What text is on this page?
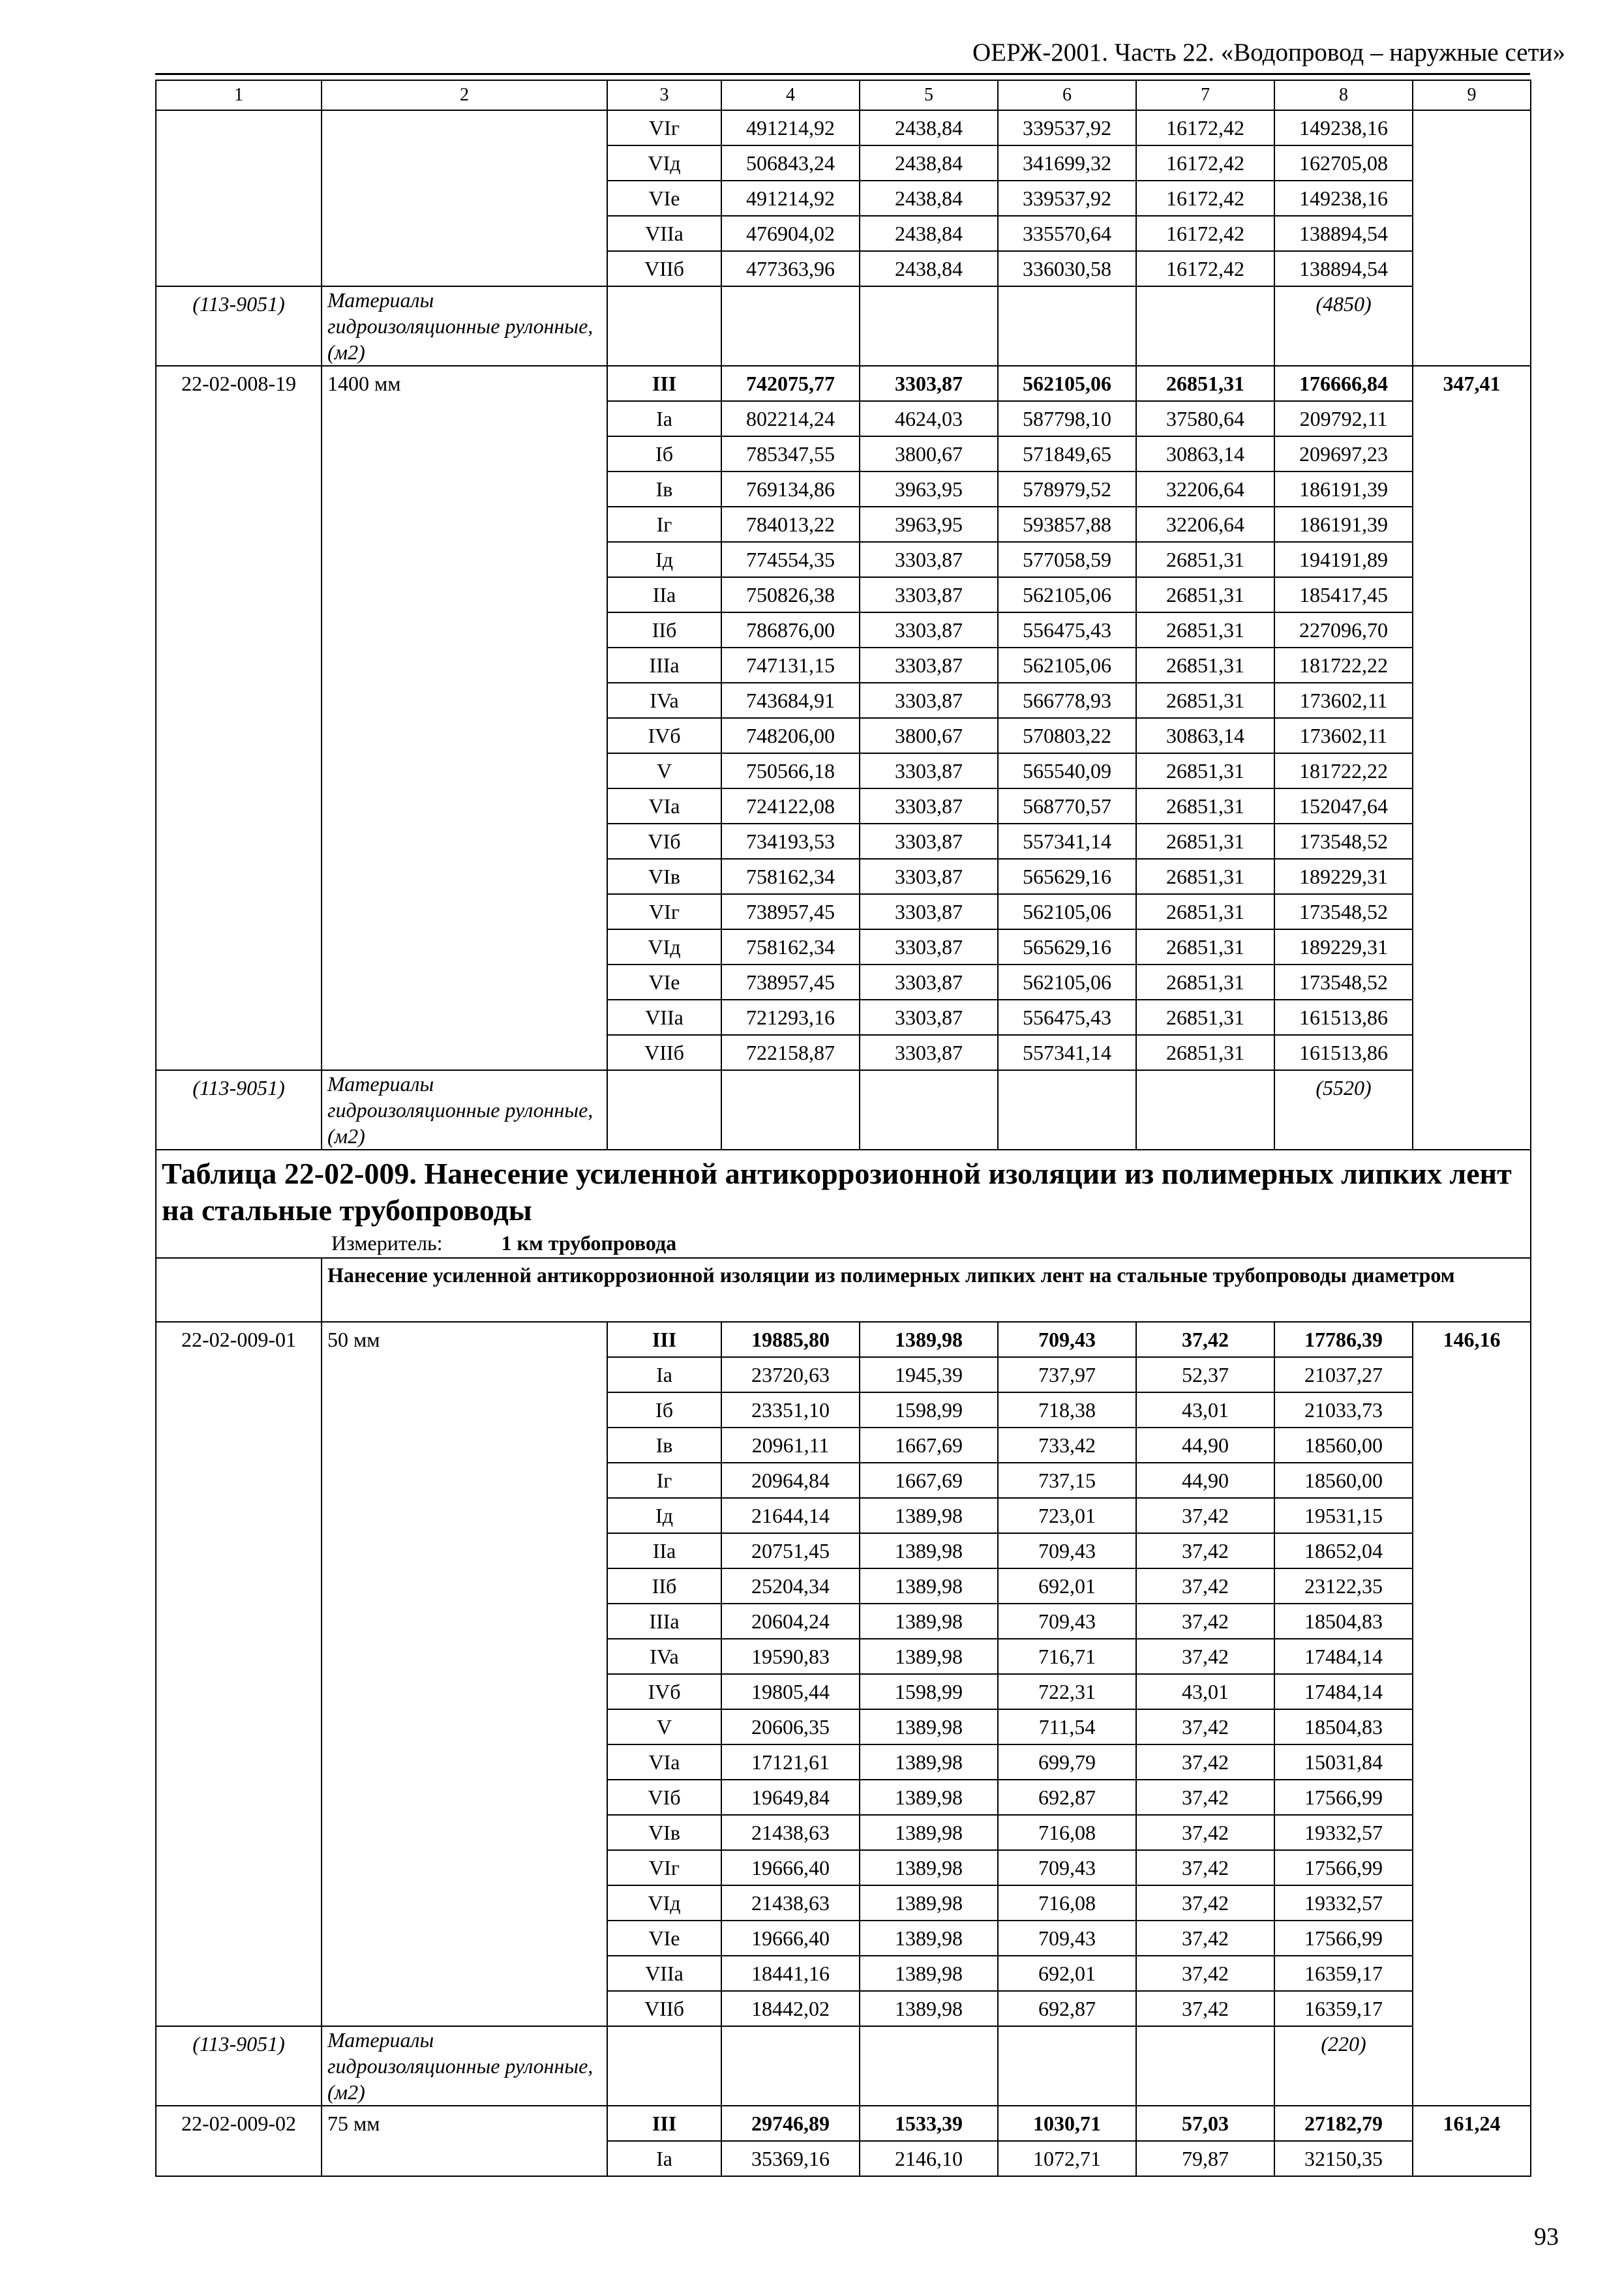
ОЕРЖ-2001. Часть 22. «Водопровод – наружные сети»
1	2	3	4	5	6	7	8	9
		VIг	491214,92	2438,84	339537,92	16172,42	149238,16	
		VIд	506843,24	2438,84	341699,32	16172,42	162705,08	
		VIe	491214,92	2438,84	339537,92	16172,42	149238,16	
		VIIa	476904,02	2438,84	335570,64	16172,42	138894,54	
		VIIб	477363,96	2438,84	336030,58	16172,42	138894,54	
(113-9051)	Материалы гидроизоляционные рулонные, (м2)						(4850)	
22-02-008-19	1400 мм	III	742075,77	3303,87	562105,06	26851,31	176666,84	347,41
		Ia	802214,24	4624,03	587798,10	37580,64	209792,11	
		Iб	785347,55	3800,67	571849,65	30863,14	209697,23	
		Iв	769134,86	3963,95	578979,52	32206,64	186191,39	
		Iг	784013,22	3963,95	593857,88	32206,64	186191,39	
		Iд	774554,35	3303,87	577058,59	26851,31	194191,89	
		IIa	750826,38	3303,87	562105,06	26851,31	185417,45	
		IIб	786876,00	3303,87	556475,43	26851,31	227096,70	
		IIIa	747131,15	3303,87	562105,06	26851,31	181722,22	
		IVa	743684,91	3303,87	566778,93	26851,31	173602,11	
		IVб	748206,00	3800,67	570803,22	30863,14	173602,11	
		V	750566,18	3303,87	565540,09	26851,31	181722,22	
		VIa	724122,08	3303,87	568770,57	26851,31	152047,64	
		VIб	734193,53	3303,87	557341,14	26851,31	173548,52	
		VIв	758162,34	3303,87	565629,16	26851,31	189229,31	
		VIг	738957,45	3303,87	562105,06	26851,31	173548,52	
		VIд	758162,34	3303,87	565629,16	26851,31	189229,31	
		VIe	738957,45	3303,87	562105,06	26851,31	173548,52	
		VIIa	721293,16	3303,87	556475,43	26851,31	161513,86	
		VIIб	722158,87	3303,87	557341,14	26851,31	161513,86	
(113-9051)	Материалы гидроизоляционные рулонные, (м2)						(5520)	

Таблица 22-02-009. Нанесение усиленной антикоррозионной изоляции из полимерных липких лент на стальные трубопроводы
Измеритель: 1 км трубопровода								

	Нанесение усиленной антикоррозионной изоляции из полимерных липких лент на стальные трубопроводы диаметром							
22-02-009-01	50 мм	III	19885,80	1389,98	709,43	37,42	17786,39	146,16
		Ia	23720,63	1945,39	737,97	52,37	21037,27	
		Iб	23351,10	1598,99	718,38	43,01	21033,73	
		Iв	20961,11	1667,69	733,42	44,90	18560,00	
		Iг	20964,84	1667,69	737,15	44,90	18560,00	
		Iд	21644,14	1389,98	723,01	37,42	19531,15	
		IIa	20751,45	1389,98	709,43	37,42	18652,04	
		IIб	25204,34	1389,98	692,01	37,42	23122,35	
		IIIa	20604,24	1389,98	709,43	37,42	18504,83	
		IVa	19590,83	1389,98	716,71	37,42	17484,14	
		IVб	19805,44	1598,99	722,31	43,01	17484,14	
		V	20606,35	1389,98	711,54	37,42	18504,83	
		VIa	17121,61	1389,98	699,79	37,42	15031,84	
		VIб	19649,84	1389,98	692,87	37,42	17566,99	
		VIв	21438,63	1389,98	716,08	37,42	19332,57	
		VIг	19666,40	1389,98	709,43	37,42	17566,99	
		VIд	21438,63	1389,98	716,08	37,42	19332,57	
		VIe	19666,40	1389,98	709,43	37,42	17566,99	
		VIIa	18441,16	1389,98	692,01	37,42	16359,17	
		VIIб	18442,02	1389,98	692,87	37,42	16359,17	
(113-9051)	Материалы гидроизоляционные рулонные, (м2)						(220)	
22-02-009-02	75 мм	III	29746,89	1533,39	1030,71	57,03	27182,79	161,24
		Ia	35369,16	2146,10	1072,71	79,87	32150,35	
93
